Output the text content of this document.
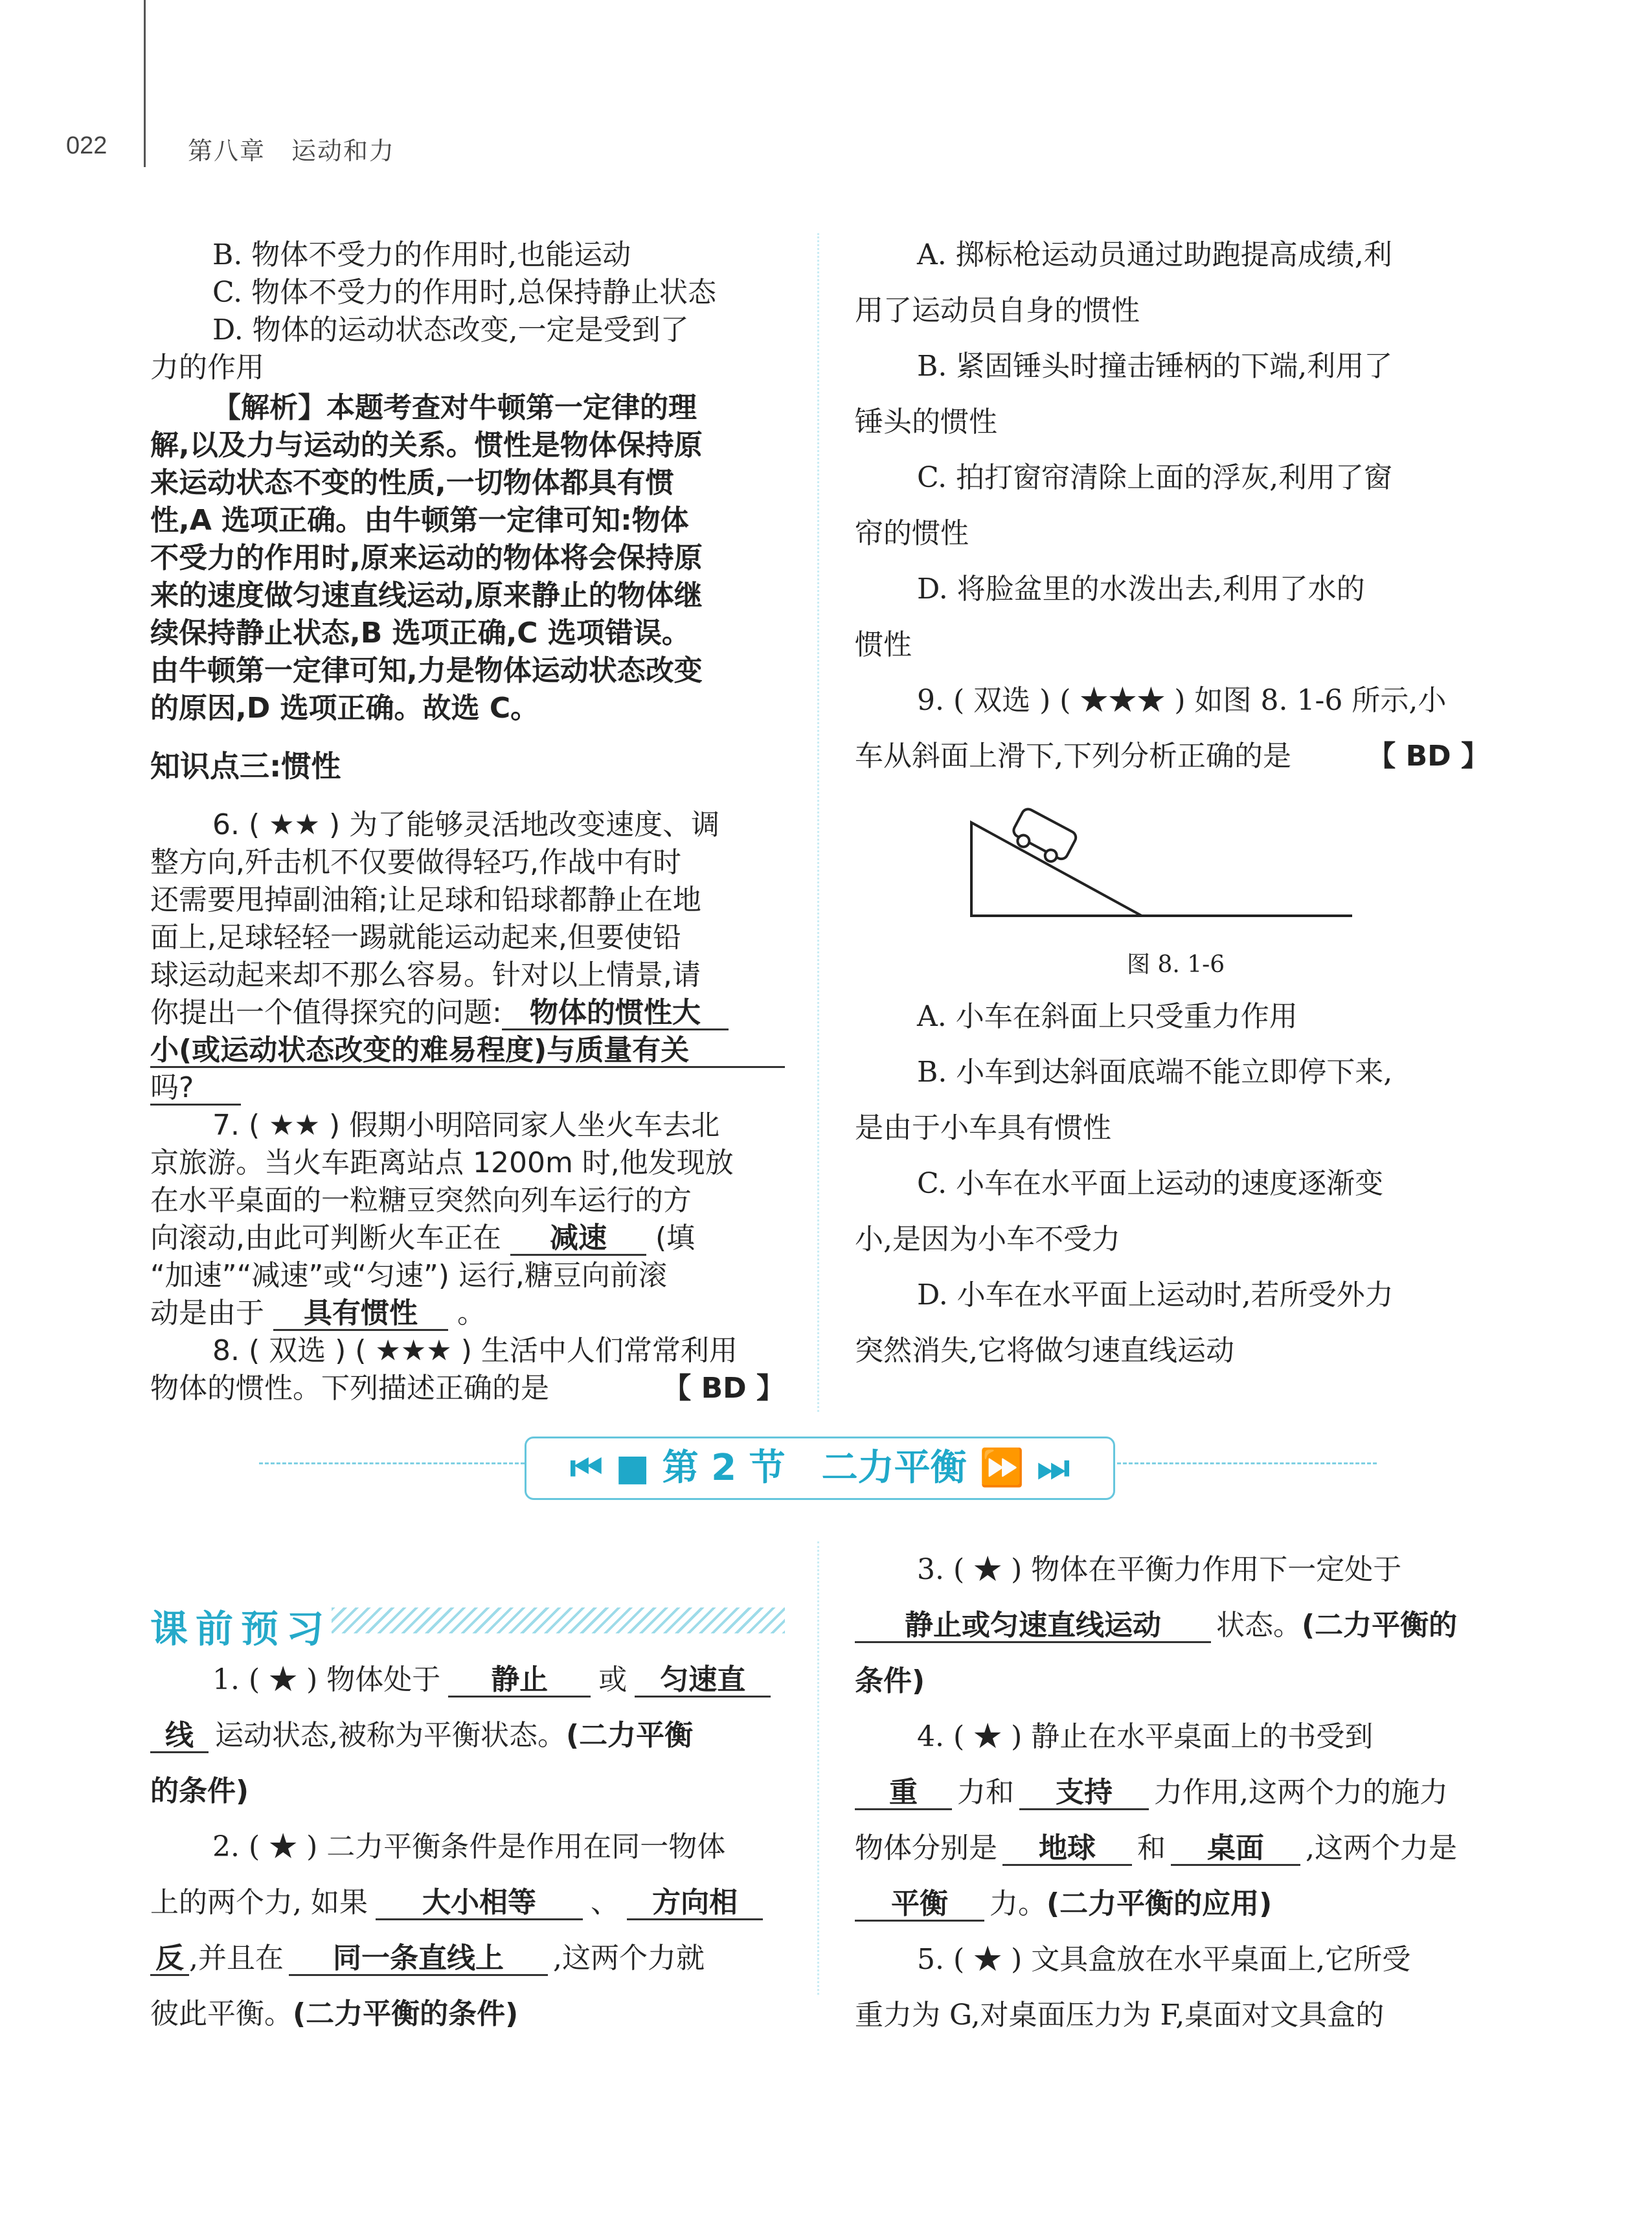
022	第八章　运动和力
B. 物体不受力的作用时,也能运动
C. 物体不受力的作用时,总保持静止状态
D. 物体的运动状态改变,一定是受到了
力的作用
【解析】本题考查对牛顿第一定律的理
解,以及力与运动的关系。惯性是物体保持原
来运动状态不变的性质,一切物体都具有惯
性,A 选项正确。由牛顿第一定律可知:物体
不受力的作用时,原来运动的物体将会保持原
来的速度做匀速直线运动,原来静止的物体继
续保持静止状态,B 选项正确,C 选项错误。
由牛顿第一定律可知,力是物体运动状态改变
的原因,D 选项正确。故选 C。
知识点三:惯性
6. ( ★★ ) 为了能够灵活地改变速度、调
整方向,歼击机不仅要做得轻巧,作战中有时
还需要甩掉副油箱;让足球和铅球都静止在地
面上,足球轻轻一踢就能运动起来,但要使铅
球运动起来却不那么容易。针对以上情景,请
你提出一个值得探究的问题: 物体的惯性大
小(或运动状态改变的难易程度)与质量有关
吗?
7. ( ★★ ) 假期小明陪同家人坐火车去北
京旅游。当火车距离站点 1200m 时,他发现放
在水平桌面的一粒糖豆突然向列车运行的方
向滚动,由此可判断火车正在 减速 (填
“加速”“减速”或“匀速”) 运行,糖豆向前滚
动是由于 具有惯性 。
8. ( 双选 ) ( ★★★ ) 生活中人们常常利用
物体的惯性。下列描述正确的是	【 BD 】
A. 掷标枪运动员通过助跑提高成绩,利
用了运动员自身的惯性
B. 紧固锤头时撞击锤柄的下端,利用了
锤头的惯性
C. 拍打窗帘清除上面的浮灰,利用了窗
帘的惯性
D. 将脸盆里的水泼出去,利用了水的
惯性
9. ( 双选 ) ( ★★★ ) 如图 8. 1-6 所示,小
车从斜面上滑下,下列分析正确的是	【 BD 】
图 8. 1-6
A. 小车在斜面上只受重力作用
B. 小车到达斜面底端不能立即停下来,
是由于小车具有惯性
C. 小车在水平面上运动的速度逐渐变
小,是因为小车不受力
D. 小车在水平面上运动时,若所受外力
突然消失,它将做匀速直线运动
⏮ ■ 第 2 节　二力平衡 ⏩ ⏭
课前预习
1. ( ★ ) 物体处于 静止 或 匀速直
线 运动状态,被称为平衡状态。(二力平衡
的条件)
2. ( ★ ) 二力平衡条件是作用在同一物体
上的两个力, 如果 大小相等 、 方向相
反 ,并且在 同一条直线上 ,这两个力就
彼此平衡。(二力平衡的条件)
3. ( ★ ) 物体在平衡力作用下一定处于
静止或匀速直线运动 状态。(二力平衡的
条件)
4. ( ★ ) 静止在水平桌面上的书受到
重 力和 支持 力作用,这两个力的施力
物体分别是 地球 和 桌面 ,这两个力是
平衡 力。(二力平衡的应用)
5. ( ★ ) 文具盒放在水平桌面上,它所受
重力为 G,对桌面压力为 F,桌面对文具盒的
